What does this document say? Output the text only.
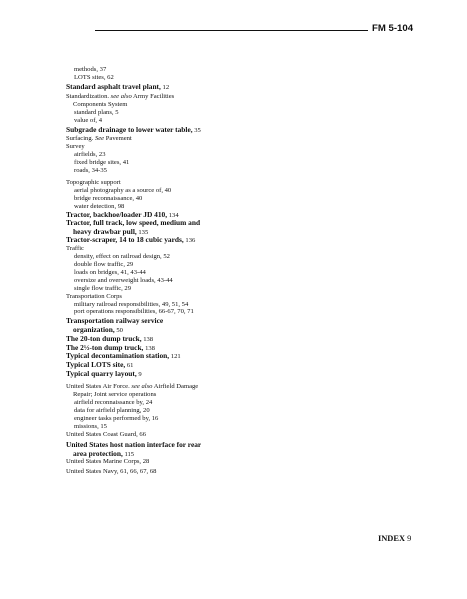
FM 5-104
methods, 37
LOTS sites, 62
Standard asphalt travel plant, 12
Standardization. see also Army Facilities
Components System
standard plans, 5
value of, 4
Subgrade drainage to lower water table, 35
Surfacing. See Pavement
Survey
airfields, 23
fixed bridge sites, 41
roads, 34-35
Topographic support
aerial photography as a source of, 40
bridge reconnaissance, 40
water detection, 98
Tractor, backhoe/loader JD 410, 134
Tractor, full track, low speed, medium and
heavy drawbar pull, 135
Tractor-scraper, 14 to 18 cubic yards, 136
Traffic
density, effect on railroad design, 52
double flow traffic, 29
loads on bridges, 41, 43-44
oversize and overweight loads, 43-44
single flow traffic, 29
Transportation Corps
military railroad responsibilities, 49, 51, 54
port operations responsibilities, 66-67, 70, 71
Transportation railway service
organization, 50
The 20-ton dump truck, 138
The 2½-ton dump truck, 138
Typical decontamination station, 121
Typical LOTS site, 61
Typical quarry layout, 9
United States Air Force. see also Airfield Damage
Repair; Joint service operations
airfield reconnaissance by, 24
data for airfield planning, 20
engineer tasks performed by, 16
missions, 15
United States Coast Guard, 66
United States host nation interface for rear
area protection, 115
United States Marine Corps, 28
United States Navy, 61, 66, 67, 68
INDEX 9
